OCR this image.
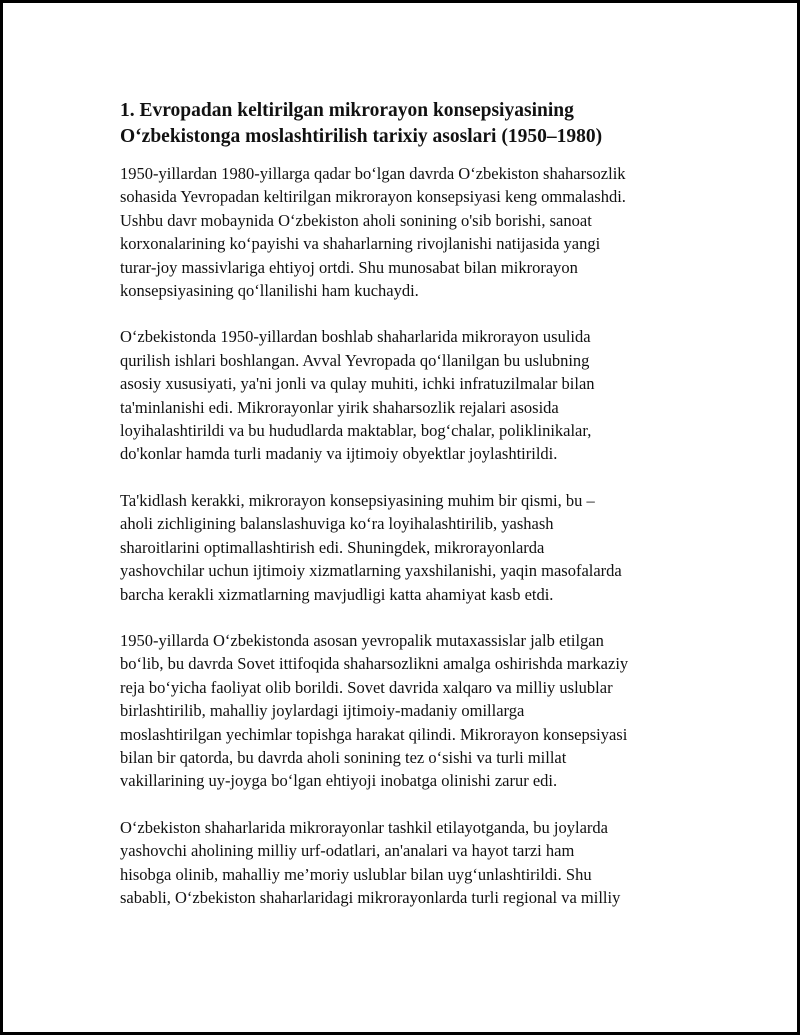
1. Evropadan keltirilgan mikrorayon konsepsiyasining
O‘zbekistonga moslashtirilish tarixiy asoslari (1950–1980)

1950-yillardan 1980-yillarga qadar bo‘lgan davrda O‘zbekiston shaharsozlik
sohasida Yevropadan keltirilgan mikrorayon konsepsiyasi keng ommalashdi.
Ushbu davr mobaynida O‘zbekiston aholi sonining o'sib borishi, sanoat
korxonalarining ko‘payishi va shaharlarning rivojlanishi natijasida yangi
turar-joy massivlariga ehtiyoj ortdi. Shu munosabat bilan mikrorayon
konsepsiyasining qo‘llanilishi ham kuchaydi.

O‘zbekistonda 1950-yillardan boshlab shaharlarida mikrorayon usulida
qurilish ishlari boshlangan. Avval Yevropada qo‘llanilgan bu uslubning
asosiy xususiyati, ya'ni jonli va qulay muhiti, ichki infratuzilmalar bilan
ta'minlanishi edi. Mikrorayonlar yirik shaharsozlik rejalari asosida
loyihalashtirildi va bu hududlarda maktablar, bog‘chalar, poliklinikalar,
do'konlar hamda turli madaniy va ijtimoiy obyektlar joylashtirildi.

Ta'kidlash kerakki, mikrorayon konsepsiyasining muhim bir qismi, bu –
aholi zichligining balanslashuviga ko‘ra loyihalashtirilib, yashash
sharoitlarini optimallashtirish edi. Shuningdek, mikrorayonlarda
yashovchilar uchun ijtimoiy xizmatlarning yaxshilanishi, yaqin masofalarda
barcha kerakli xizmatlarning mavjudligi katta ahamiyat kasb etdi.

1950-yillarda O‘zbekistonda asosan yevropalik mutaxassislar jalb etilgan
bo‘lib, bu davrda Sovet ittifoqida shaharsozlikni amalga oshirishda markaziy
reja bo‘yicha faoliyat olib borildi. Sovet davrida xalqaro va milliy uslublar
birlashtirilib, mahalliy joylardagi ijtimoiy-madaniy omillarga
moslashtirilgan yechimlar topishga harakat qilindi. Mikrorayon konsepsiyasi
bilan bir qatorda, bu davrda aholi sonining tez o‘sishi va turli millat
vakillarining uy-joyga bo‘lgan ehtiyoji inobatga olinishi zarur edi.

O‘zbekiston shaharlarida mikrorayonlar tashkil etilayotganda, bu joylarda
yashovchi aholining milliy urf-odatlari, an'analari va hayot tarzi ham
hisobga olinib, mahalliy me’moriy uslublar bilan uyg‘unlashtirildi. Shu
sababli, O‘zbekiston shaharlaridagi mikrorayonlarda turli regional va milliy
